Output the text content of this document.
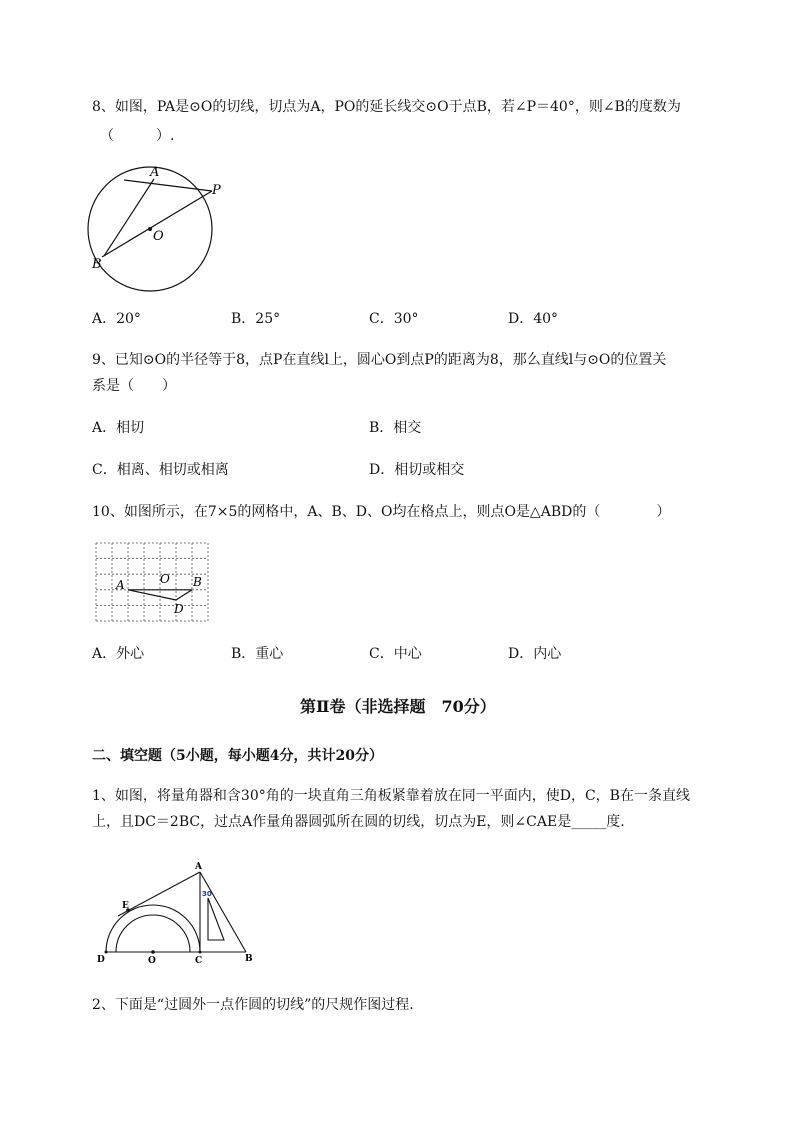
8、如图，PA是⊙O的切线，切点为A，PO的延长线交⊙O于点B，若∠P＝40°，则∠B的度数为
（　　　）.
A
P
O
B
A．20°	B．25°	C．30°	D．40°
9、已知⊙O的半径等于8，点P在直线l上，圆心O到点P的距离为8，那么直线l与⊙O的位置关
系是（　　）
A．相切	B．相交
C．相离、相切或相离	D．相切或相交
10、如图所示，在7×5的网格中，A、B、D、O均在格点上，则点O是△ABD的（　　　　）
A	O B
D
A．外心	B．重心	C．中心	D．内心
第Ⅱ卷（非选择题　70分）
二、填空题（5小题，每小题4分，共计20分）
1、如图，将量角器和含30°角的一块直角三角板紧靠着放在同一平面内，使D，C，B在一条直线
上，且DC＝2BC，过点A作量角器圆弧所在圆的切线，切点为E，则∠CAE是_____度.
A
30
E
D	O	C	B
2、下面是“过圆外一点作圆的切线”的尺规作图过程.
